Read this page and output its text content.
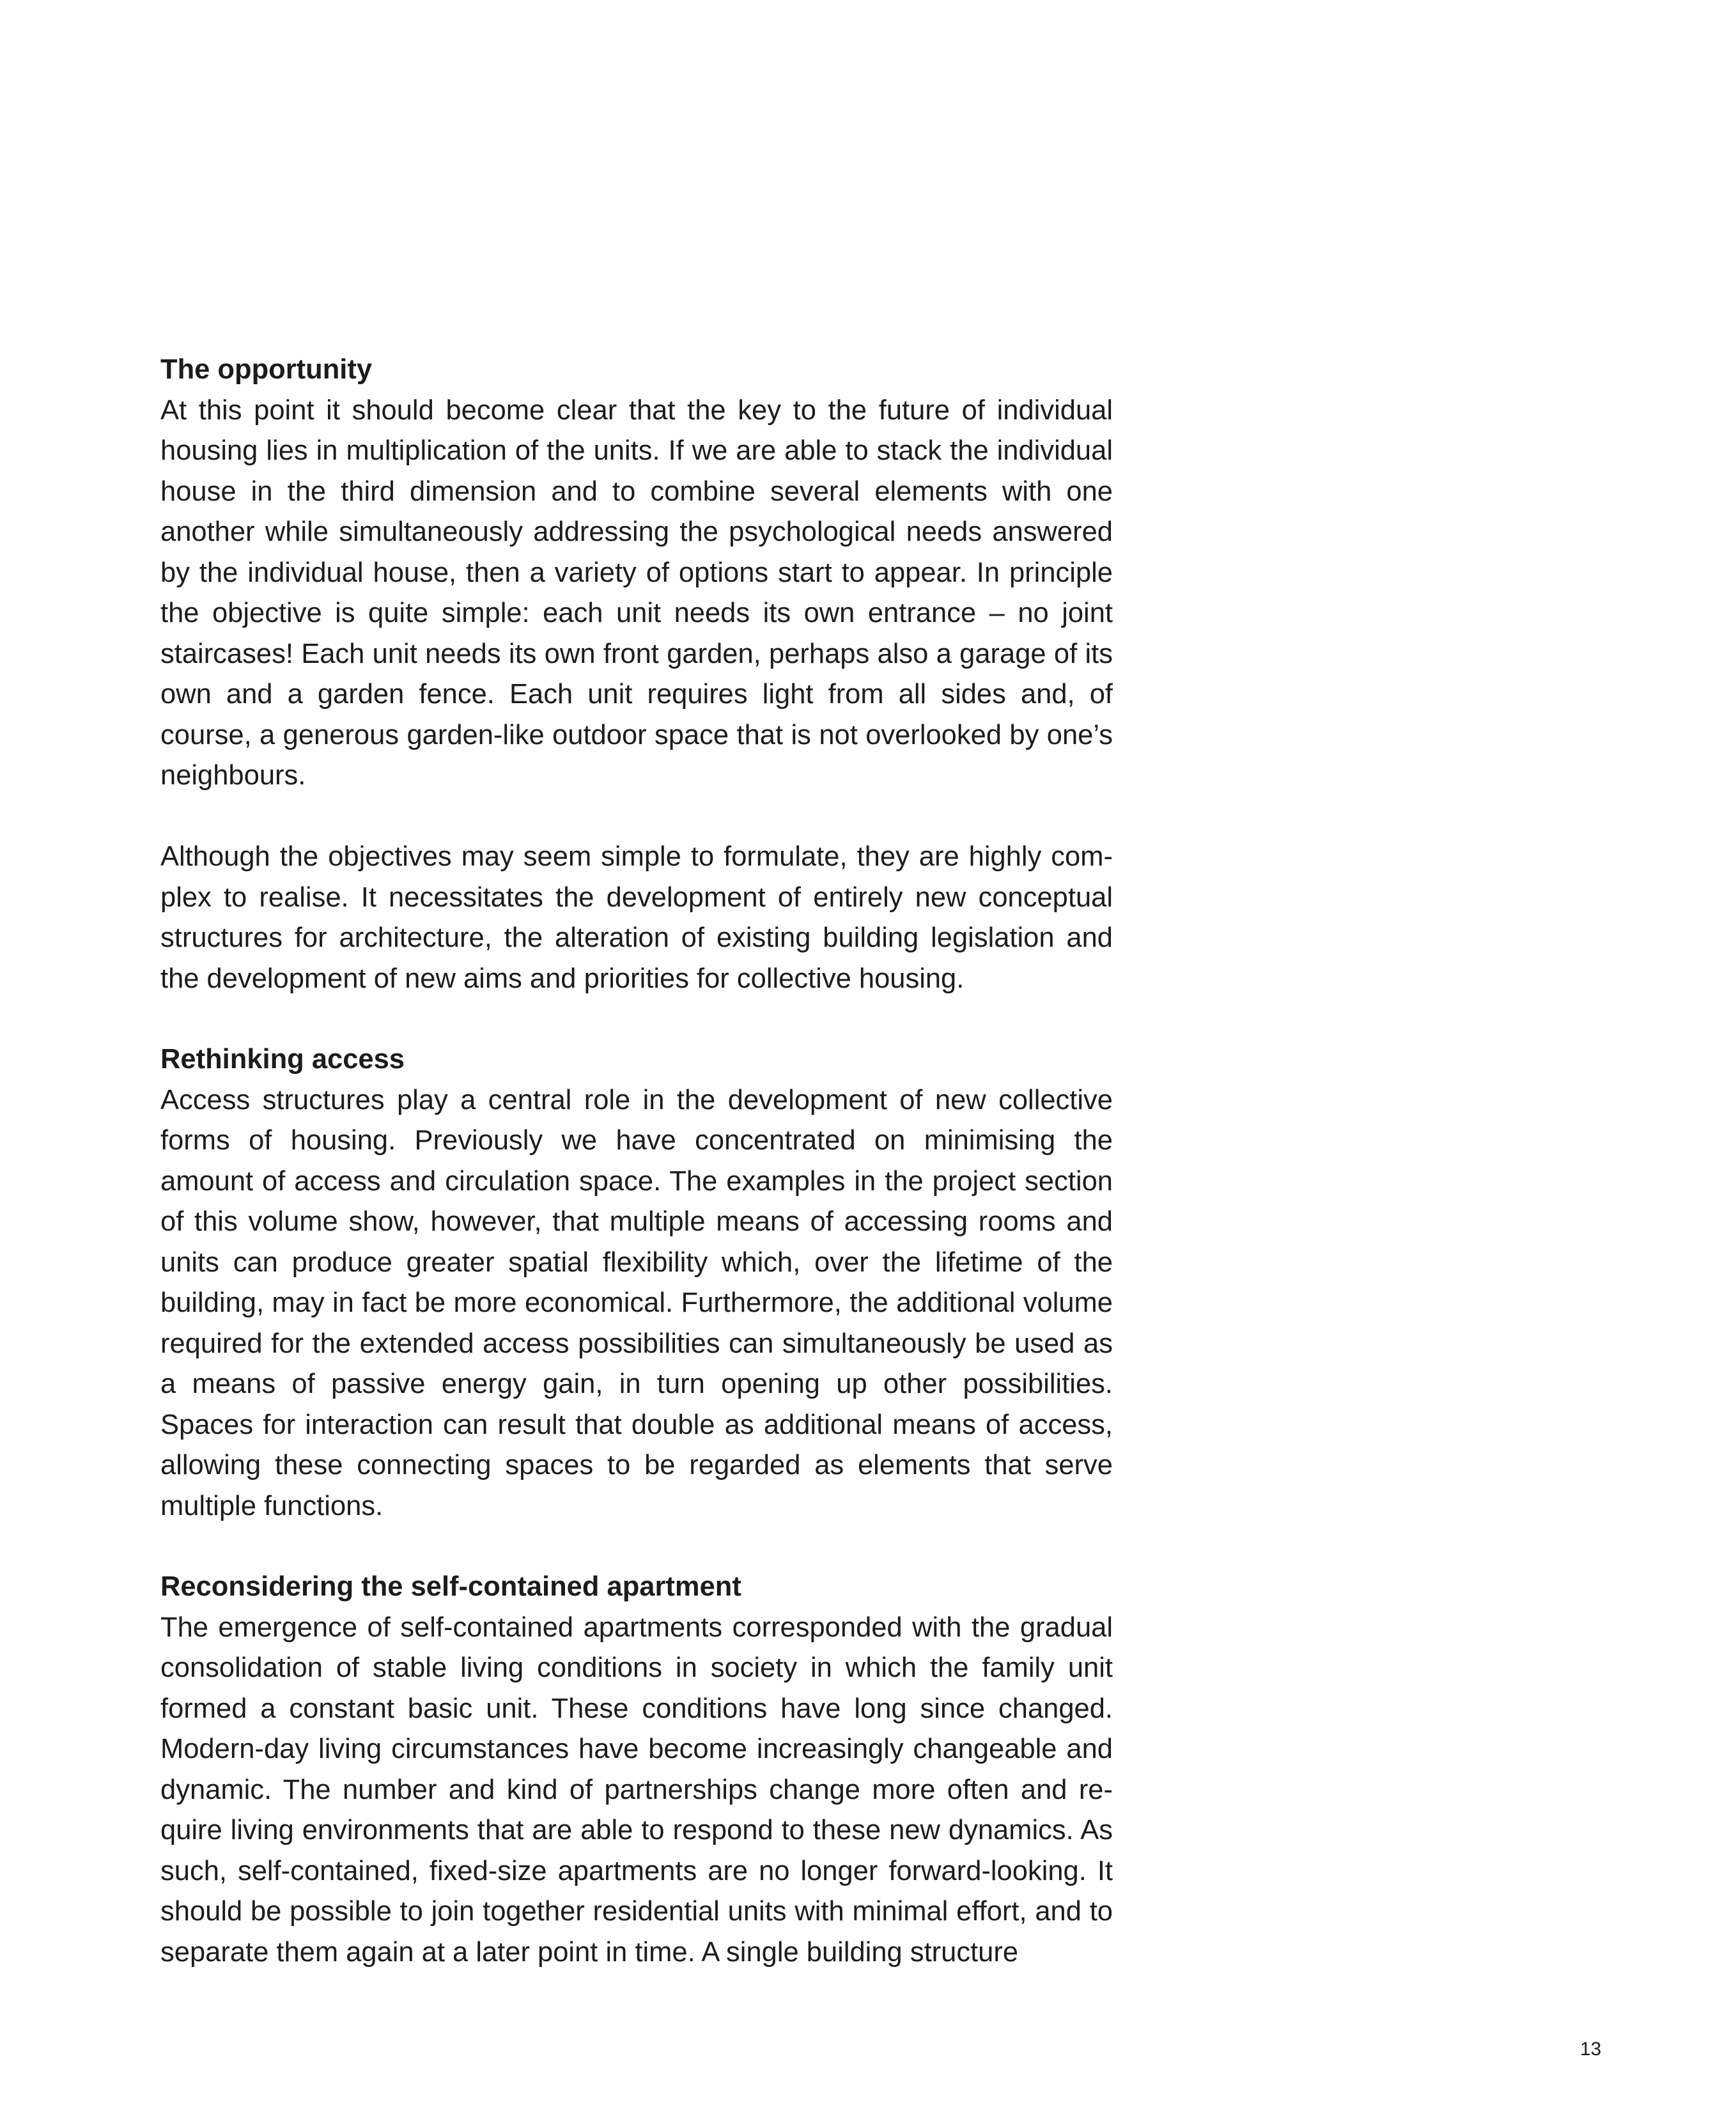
The opportunity

At this point it should become clear that the key to the future of individual housing lies in multiplication of the units. If we are able to stack the individual house in the third dimension and to combine several elements with one another while simultaneously addressing the psychological needs answered by the individual house, then a variety of options start to appear. In principle the objective is quite simple: each unit needs its own entrance – no joint staircases! Each unit needs its own front garden, perhaps also a garage of its own and a garden fence. Each unit requires light from all sides and, of course, a generous garden-like outdoor space that is not overlooked by one’s neighbours.

Although the objectives may seem simple to formulate, they are highly complex to realise. It necessitates the development of entirely new conceptual structures for architecture, the alteration of existing building legislation and the development of new aims and priorities for collective housing.

Rethinking access

Access structures play a central role in the development of new collective forms of housing. Previously we have concentrated on minimising the amount of access and circulation space. The examples in the project section of this volume show, however, that multiple means of accessing rooms and units can produce greater spatial flexibility which, over the lifetime of the building, may in fact be more economical. Furthermore, the additional volume required for the extended access possibilities can simultaneously be used as a means of passive energy gain, in turn opening up other possibilities. Spaces for interaction can result that double as additional means of access, allowing these connecting spaces to be regarded as elements that serve multiple functions.

Reconsidering the self-contained apartment

The emergence of self-contained apartments corresponded with the gradual consolidation of stable living conditions in society in which the family unit formed a constant basic unit. These conditions have long since changed. Modern-day living circumstances have become increasingly changeable and dynamic. The number and kind of partnerships change more often and require living environments that are able to respond to these new dynamics. As such, self-contained, fixed-size apartments are no longer forward-looking. It should be possible to join together residential units with minimal effort, and to separate them again at a later point in time. A single building structure

13
